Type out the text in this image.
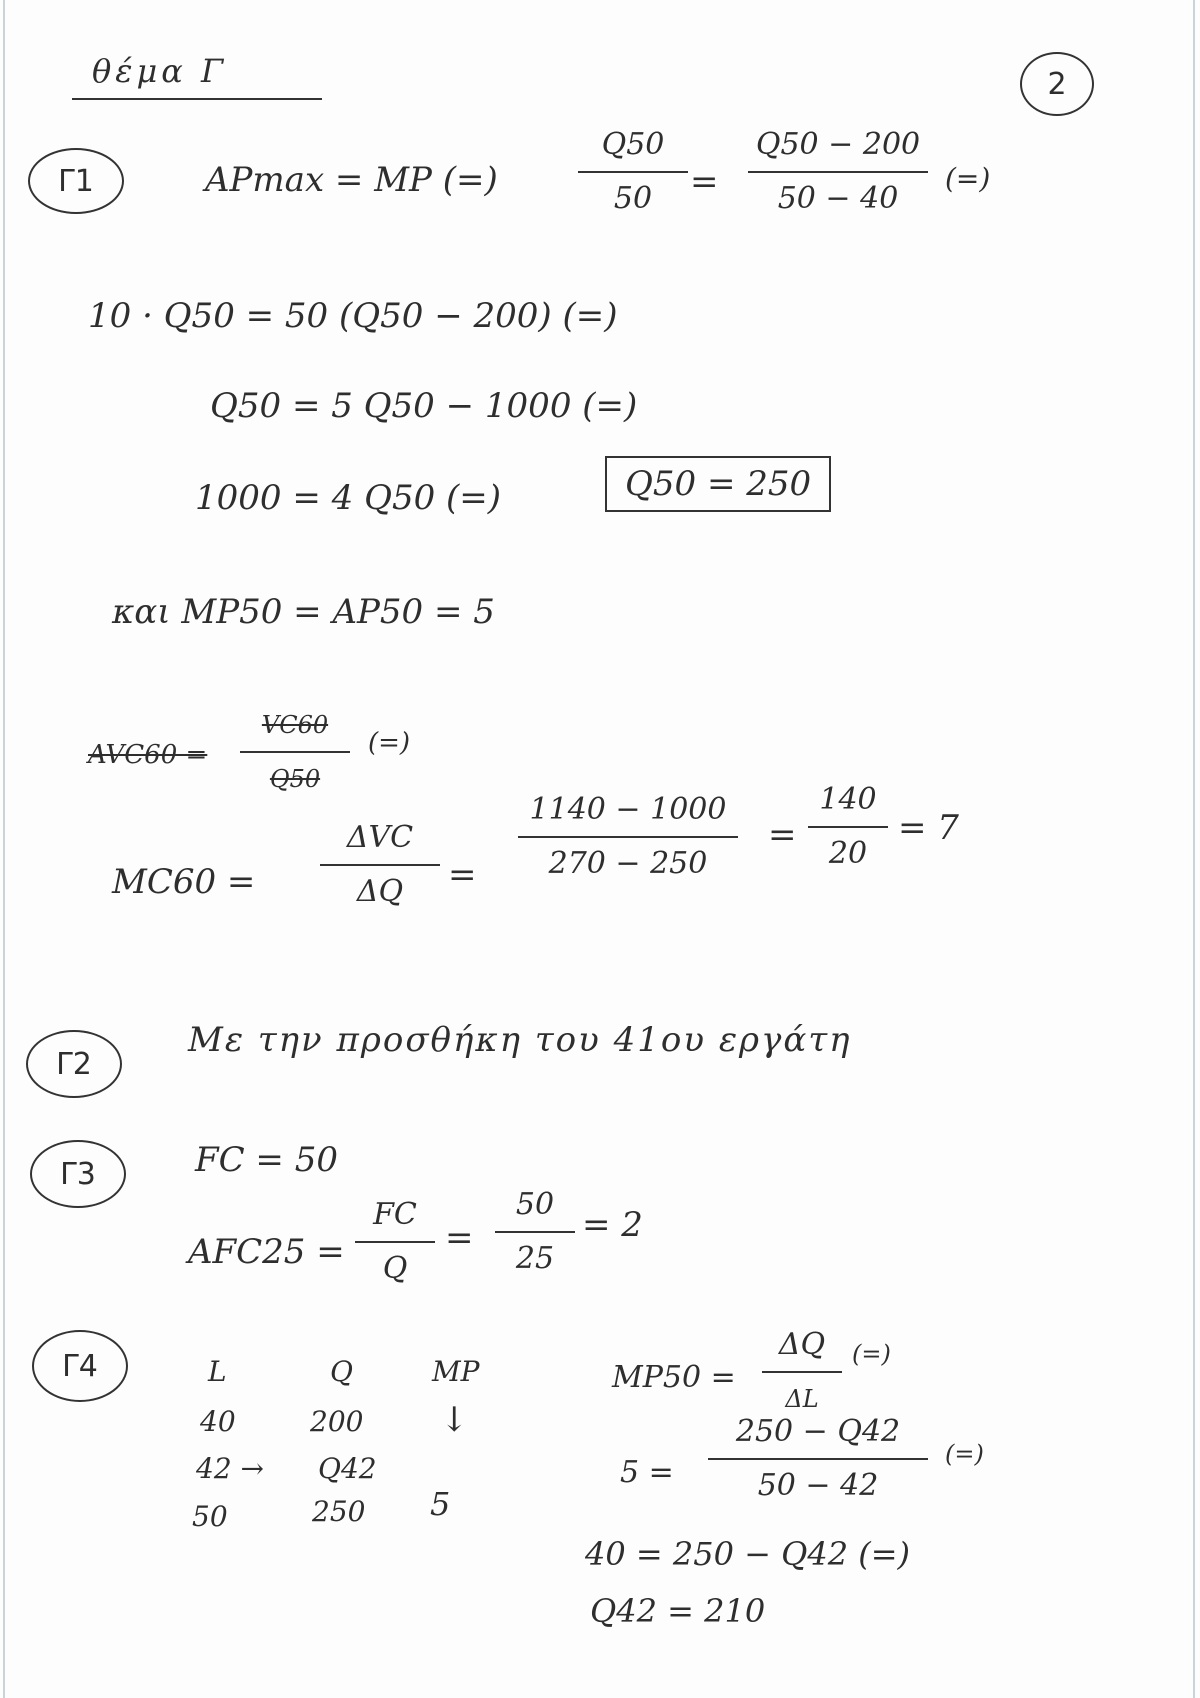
θέμα Γ	2
Γ1	APmax = MP (=)
Q50
50 =
Q50 − 200
50 − 40
(=)
10 · Q50 = 50 (Q50 − 200) (=)
Q50 = 5 Q50 − 1000 (=)
1000 = 4 Q50 (=)	Q50 = 250
και MP50 = AP50 = 5
AVC60 =
VC60
Q50
(=)
MC60 =
ΔVC
ΔQ =
1140 − 1000
270 − 250
=
140
20
= 7
Γ2
Με την προσθήκη του 41ου εργάτη
Γ3	FC = 50
AFC25 =
FC
Q
=
50
25
= 2
Γ4	L	Q	MP
40	200 ↓
42 → Q42
50	250 5
MP50 =
ΔQ
ΔL
(=)
5 =
250 − Q42
50 − 42
(=)
40 = 250 − Q42 (=)
Q42 = 210
